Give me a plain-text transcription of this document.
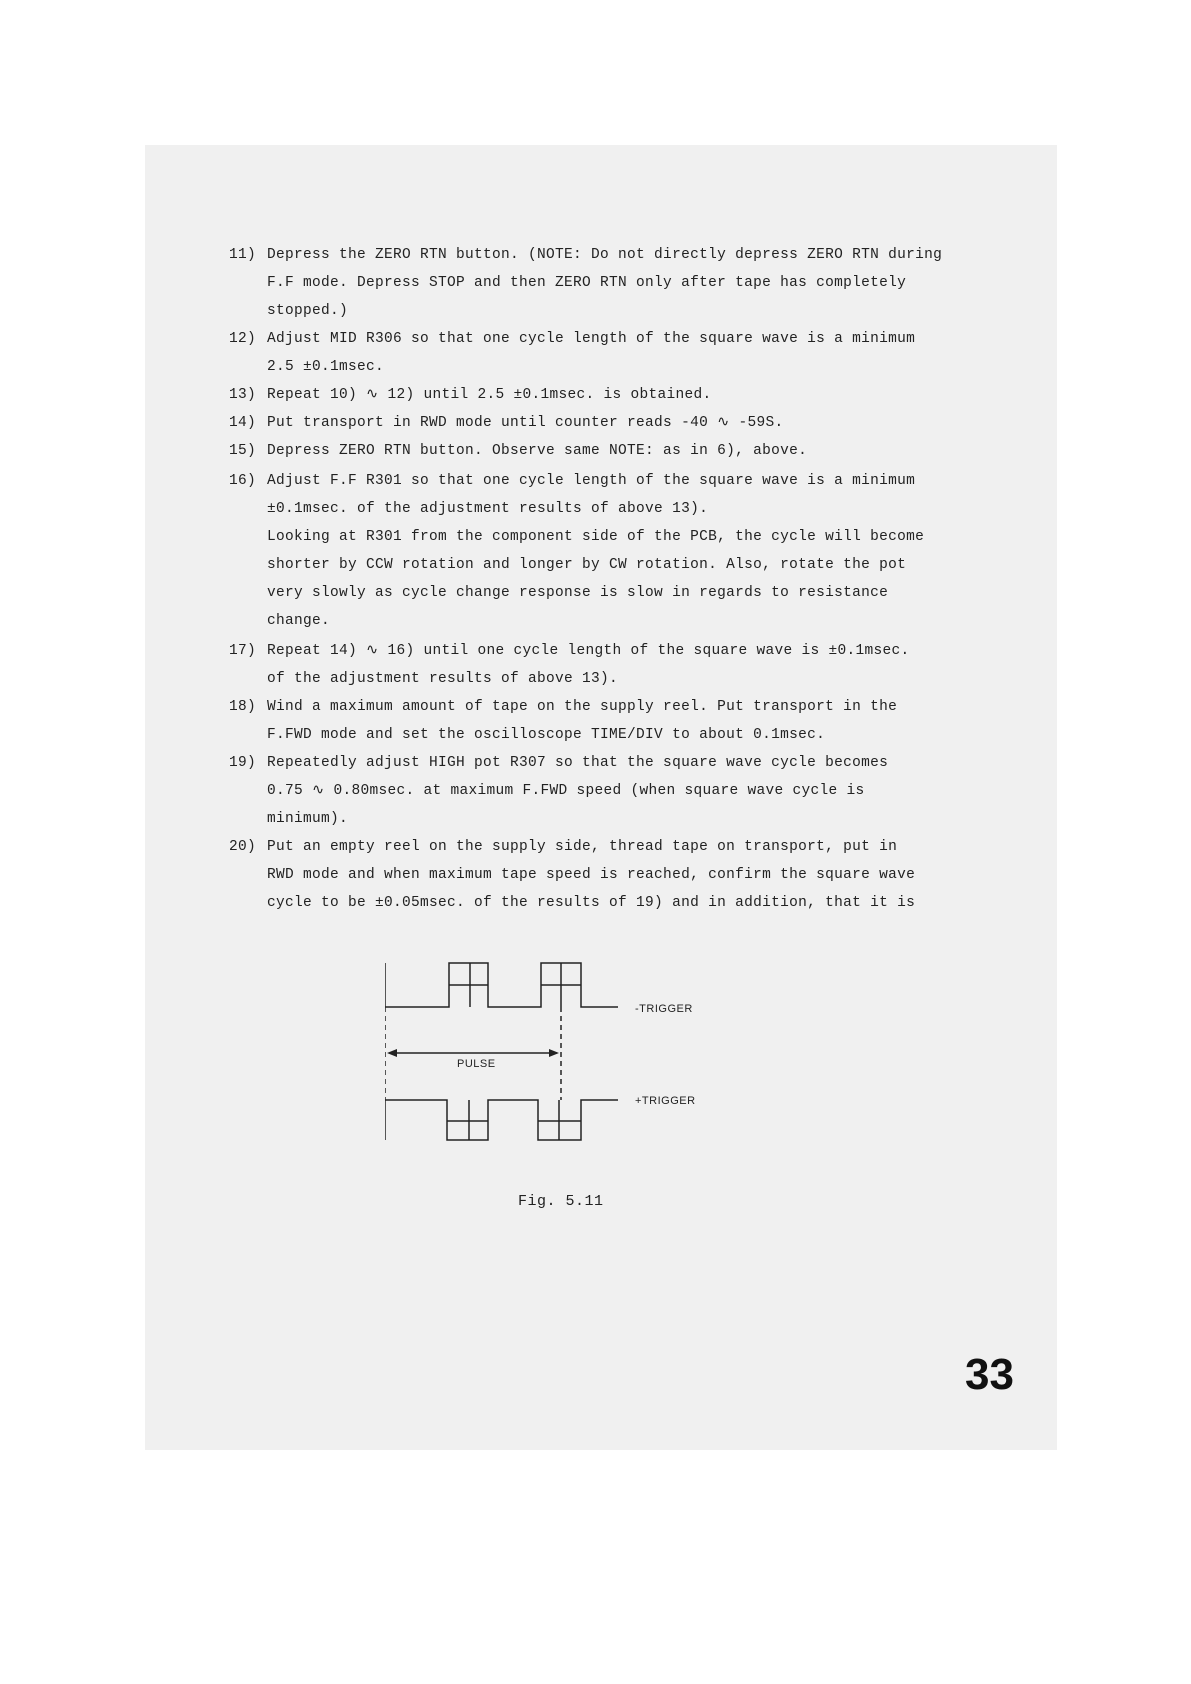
11) Depress the ZERO RTN button. (NOTE: Do not directly depress ZERO RTN during
F.F mode. Depress STOP and then ZERO RTN only after tape has completely
stopped.)
12) Adjust MID R306 so that one cycle length of the square wave is a minimum
2.5 ±0.1msec.
13) Repeat 10) ∿ 12) until 2.5 ±0.1msec. is obtained.
14) Put transport in RWD mode until counter reads -40 ∿ -59S.
15) Depress ZERO RTN button. Observe same NOTE: as in 6), above.
16) Adjust F.F R301 so that one cycle length of the square wave is a minimum
±0.1msec. of the adjustment results of above 13).
Looking at R301 from the component side of the PCB, the cycle will become
shorter by CCW rotation and longer by CW rotation. Also, rotate the pot
very slowly as cycle change response is slow in regards to resistance
change.
17) Repeat 14) ∿ 16) until one cycle length of the square wave is ±0.1msec.
of the adjustment results of above 13).
18) Wind a maximum amount of tape on the supply reel. Put transport in the
F.FWD mode and set the oscilloscope TIME/DIV to about 0.1msec.
19) Repeatedly adjust HIGH pot R307 so that the square wave cycle becomes
0.75 ∿ 0.80msec. at maximum F.FWD speed (when square wave cycle is
minimum).
20) Put an empty reel on the supply side, thread tape on transport, put in
RWD mode and when maximum tape speed is reached, confirm the square wave
cycle to be ±0.05msec. of the results of 19) and in addition, that it is
-TRIGGER
PULSE
+TRIGGER
Fig. 5.11
33
